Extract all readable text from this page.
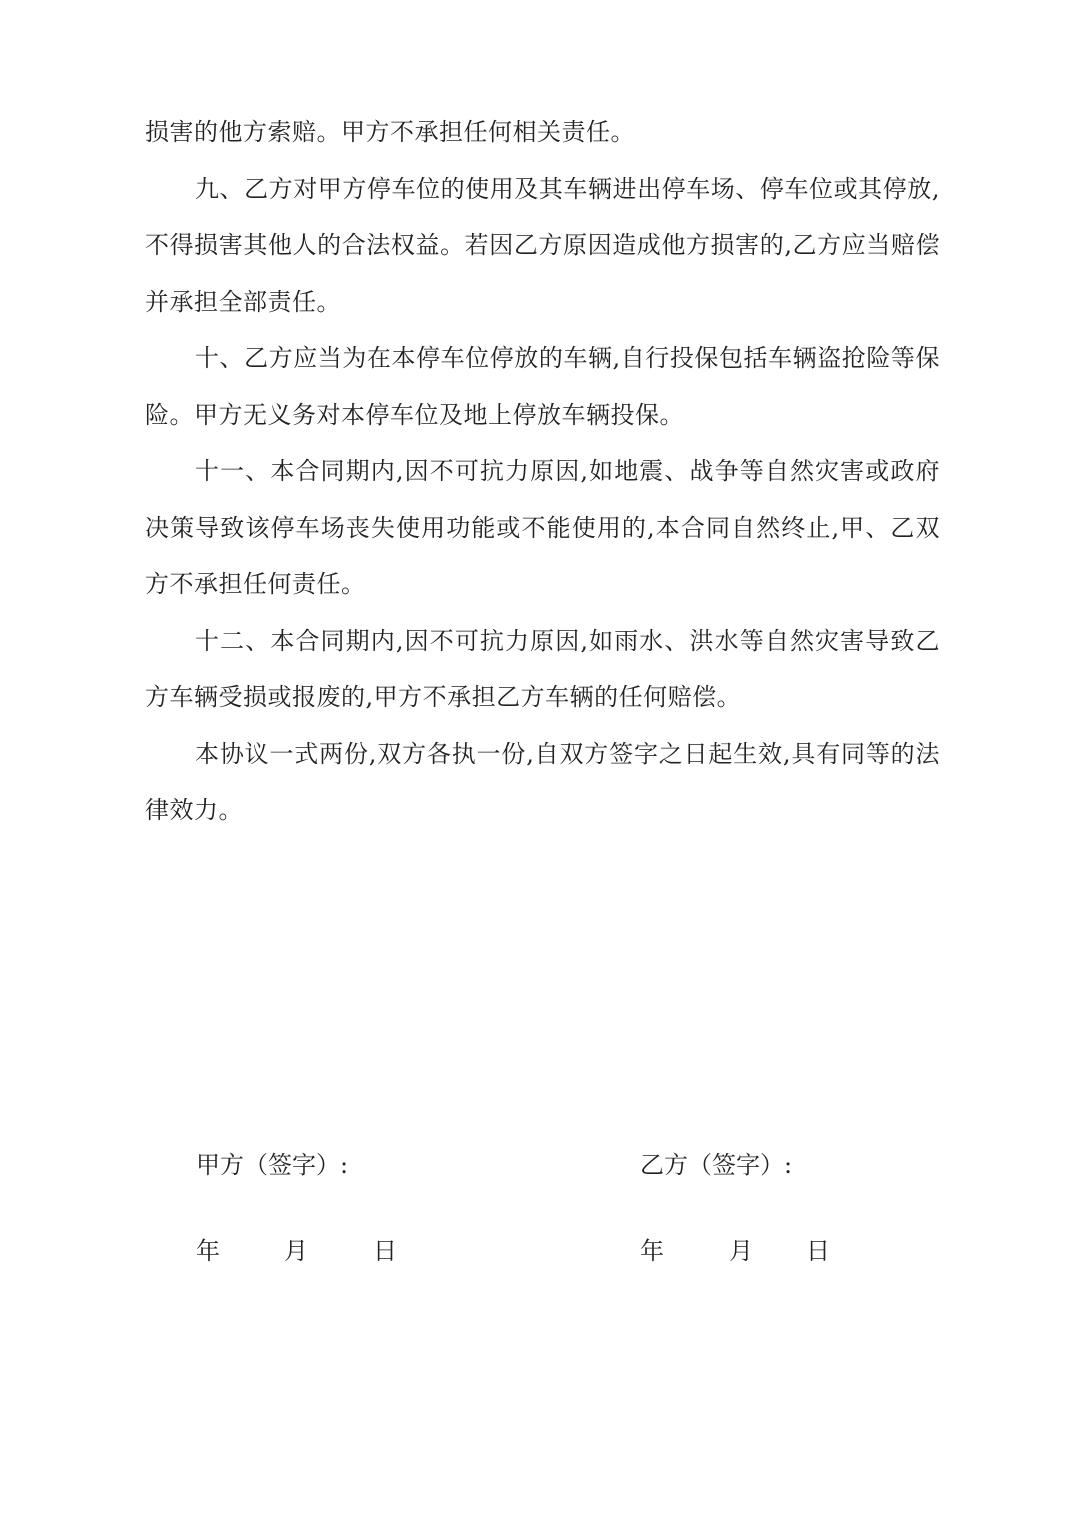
损害的他方索赔。甲方不承担任何相关责任。

九、乙方对甲方停车位的使用及其车辆进出停车场、停车位或其停放,不得损害其他人的合法权益。若因乙方原因造成他方损害的,乙方应当赔偿并承担全部责任。

十、乙方应当为在本停车位停放的车辆,自行投保包括车辆盗抢险等保险。甲方无义务对本停车位及地上停放车辆投保。

十一、本合同期内,因不可抗力原因,如地震、战争等自然灾害或政府决策导致该停车场丧失使用功能或不能使用的,本合同自然终止,甲、乙双方不承担任何责任。

十二、本合同期内,因不可抗力原因,如雨水、洪水等自然灾害导致乙方车辆受损或报废的,甲方不承担乙方车辆的任何赔偿。

本协议一式两份,双方各执一份,自双方签字之日起生效,具有同等的法律效力。

甲方（签字）:
年	月	日
乙方（签字）:
年	月 日
